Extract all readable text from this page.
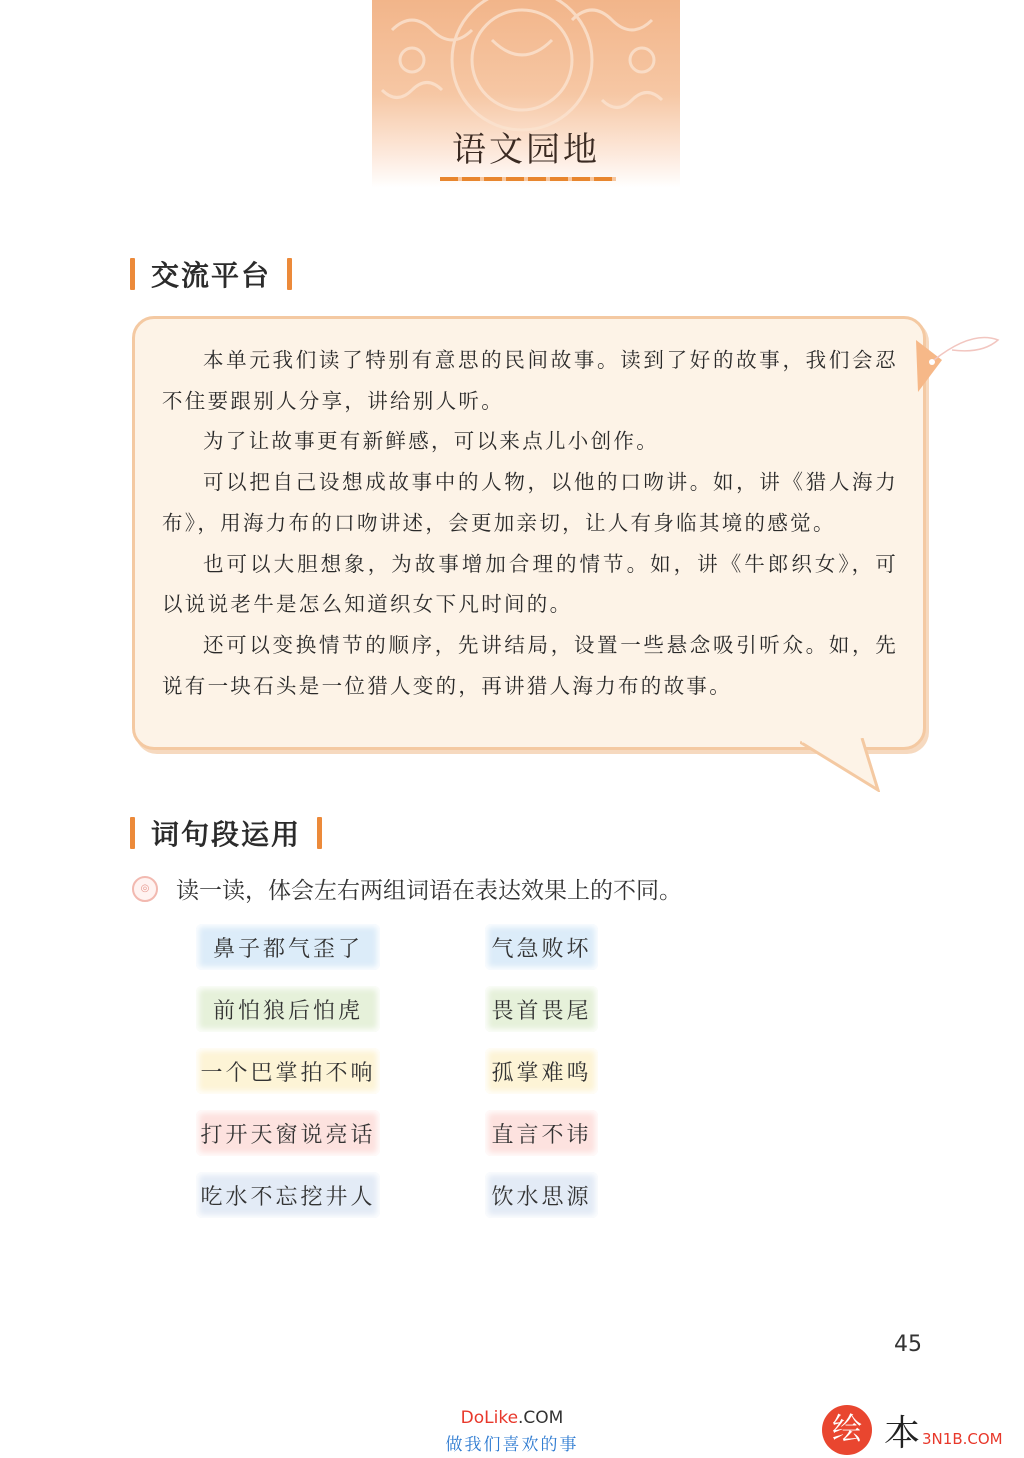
语文园地
交流平台

本单元我们读了特别有意思的民间故事。读到了好的故事，我们会忍不住要跟别人分享，讲给别人听。

为了让故事更有新鲜感，可以来点儿小创作。

可以把自己设想成故事中的人物，以他的口吻讲。如，讲《猎人海力布》，用海力布的口吻讲述，会更加亲切，让人有身临其境的感觉。

也可以大胆想象，为故事增加合理的情节。如，讲《牛郎织女》，可以说说老牛是怎么知道织女下凡时间的。

还可以变换情节的顺序，先讲结局，设置一些悬念吸引听众。如，先说有一块石头是一位猎人变的，再讲猎人海力布的故事。

词句段运用
◎	读一读，体会左右两组词语在表达效果上的不同。
鼻子都气歪了	气急败坏
前怕狼后怕虎	畏首畏尾
一个巴掌拍不响	孤掌难鸣
打开天窗说亮话	直言不讳
吃水不忘挖井人	饮水思源
45
DoLike.COM
做我们喜欢的事	绘 本 3N1B.COM
